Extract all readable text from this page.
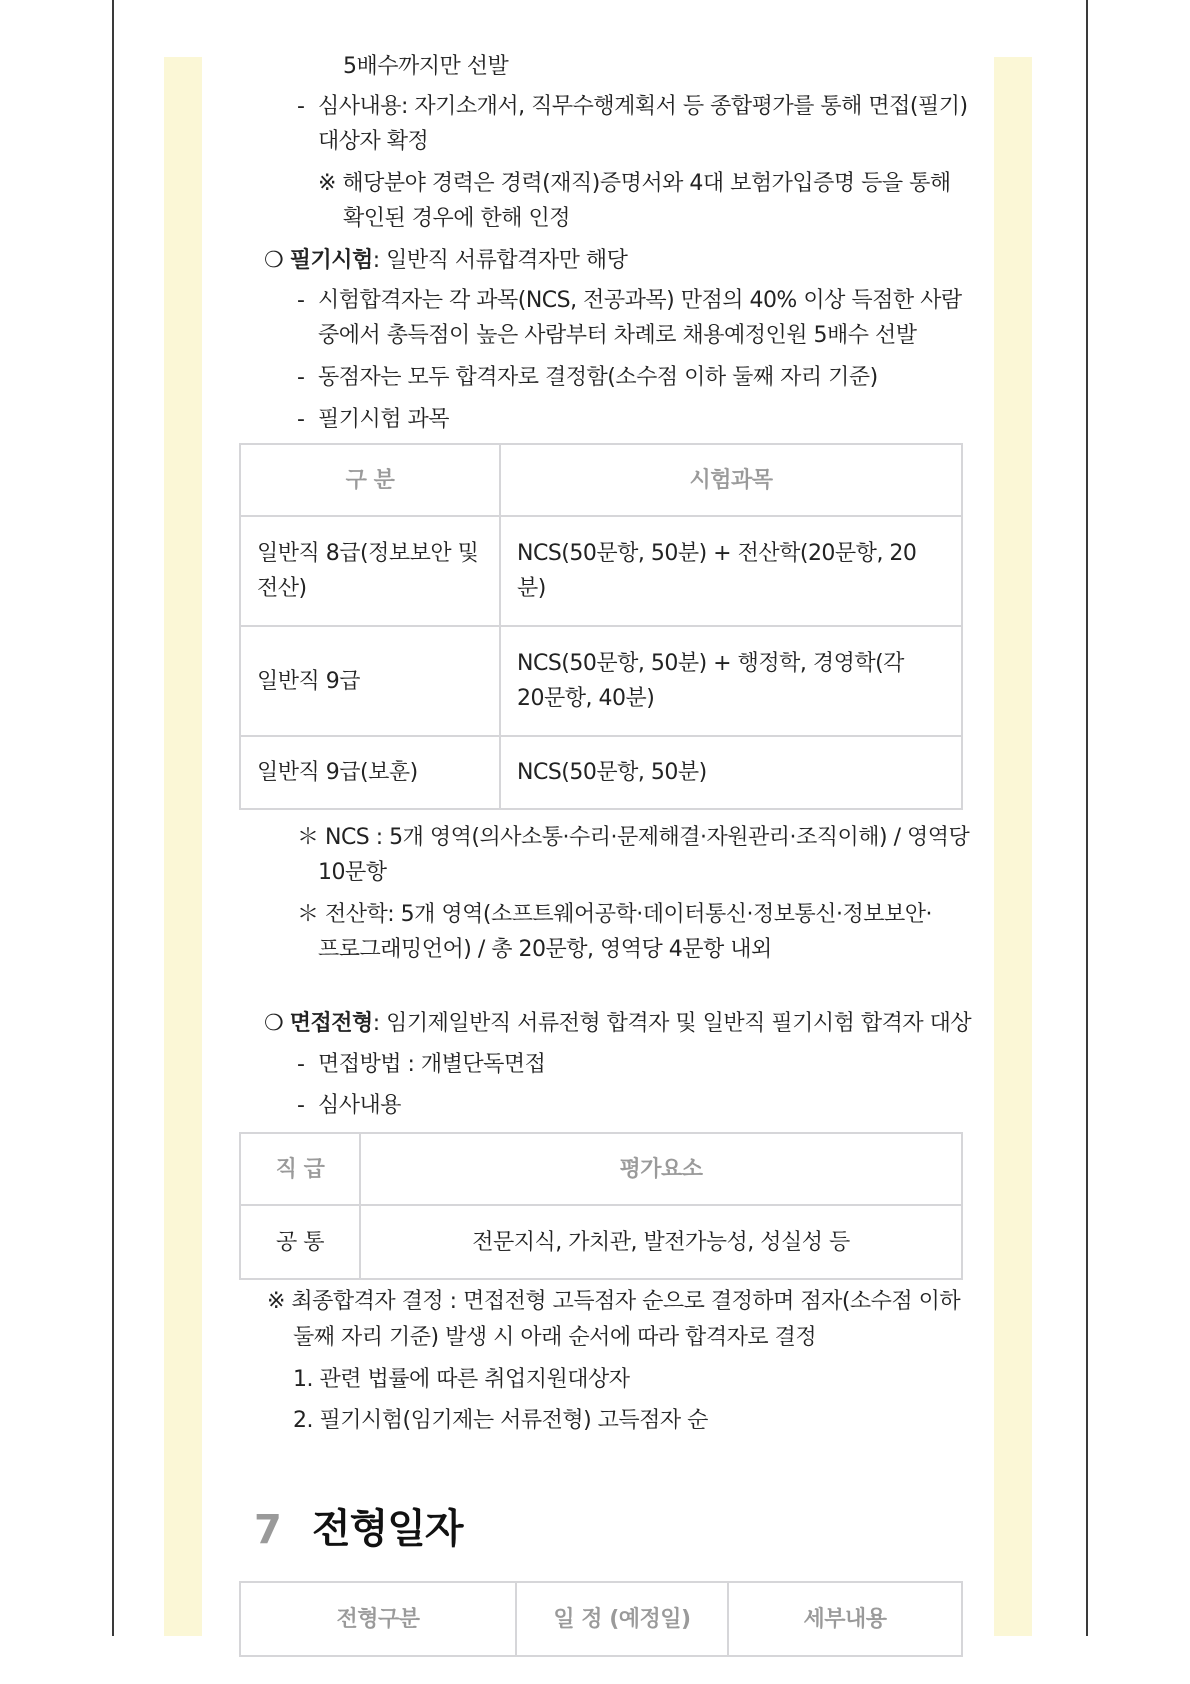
5배수까지만 선발
- 심사내용: 자기소개서, 직무수행계획서 등 종합평가를 통해 면접(필기)
대상자 확정
※ 해당분야 경력은 경력(재직)증명서와 4대 보험가입증명 등을 통해
확인된 경우에 한해 인정
❍ 필기시험: 일반직 서류합격자만 해당
- 시험합격자는 각 과목(NCS, 전공과목) 만점의 40% 이상 득점한 사람
중에서 총득점이 높은 사람부터 차례로 채용예정인원 5배수 선발
- 동점자는 모두 합격자로 결정함(소수점 이하 둘째 자리 기준)
- 필기시험 과목
구 분	시험과목

일반직 8급(정보보안 및
전산)	NCS(50문항, 50분) + 전산학(20문항, 20분)

일반직 9급	NCS(50문항, 50분) + 행정학, 경영학(각
20문항, 40분)

일반직 9급(보훈)	NCS(50문항, 50분)
＊ NCS : 5개 영역(의사소통·수리·문제해결·자원관리·조직이해) / 영역당
10문항
＊ 전산학: 5개 영역(소프트웨어공학·데이터통신·정보통신·정보보안·
프로그래밍언어) / 총 20문항, 영역당 4문항 내외
❍ 면접전형: 임기제일반직 서류전형 합격자 및 일반직 필기시험 합격자 대상
- 면접방법 : 개별단독면접
- 심사내용
직 급	평가요소
공 통	전문지식, 가치관, 발전가능성, 성실성 등
※ 최종합격자 결정 : 면접전형 고득점자 순으로 결정하며 점자(소수점 이하
둘째 자리 기준) 발생 시 아래 순서에 따라 합격자로 결정
1. 관련 법률에 따른 취업지원대상자
2. 필기시험(임기제는 서류전형) 고득점자 순
7 전형일자
전형구분	일 정 (예정일)	세부내용
